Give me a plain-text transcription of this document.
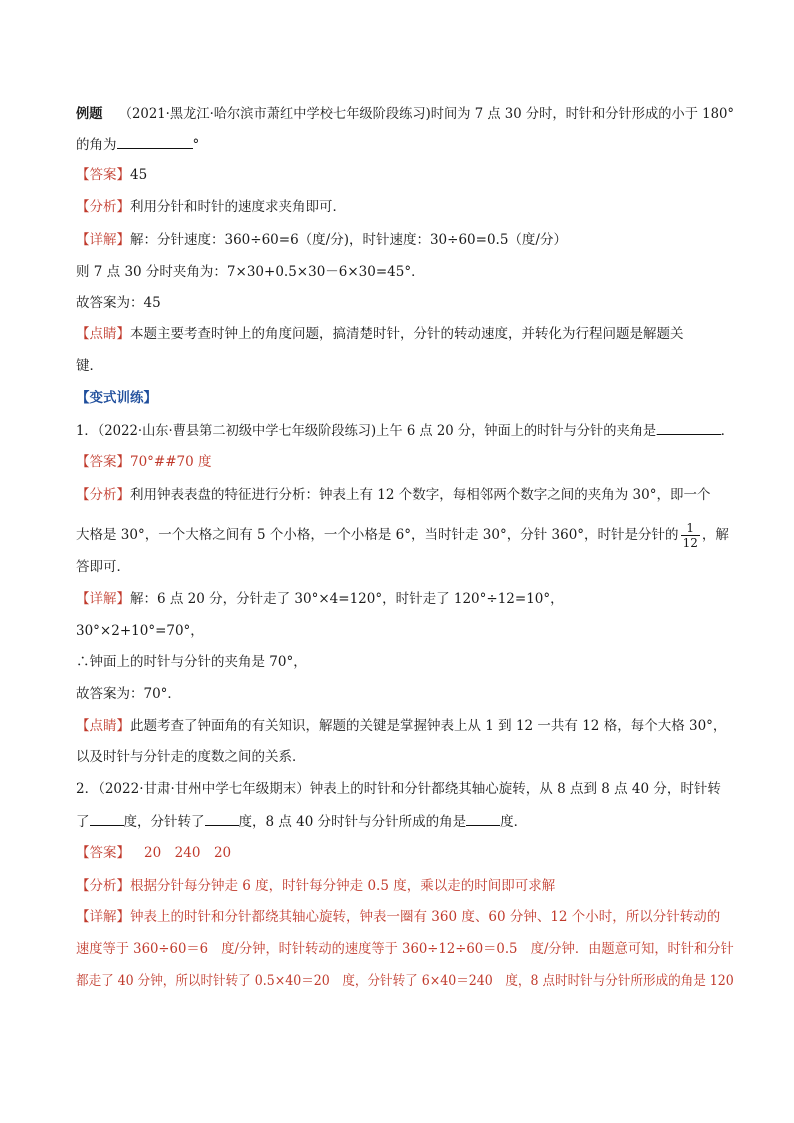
例题 （2021·黑龙江·哈尔滨市萧红中学校七年级阶段练习)时间为 7 点 30 分时，时针和分针形成的小于 180°
的角为	°
【答案】45
【分析】利用分针和时针的速度求夹角即可．
【详解】解：分针速度：360÷60=6（度/分)，时针速度：30÷60=0.5（度/分）
则 7 点 30 分时夹角为：7×30+0.5×30－6×30=45°．
故答案为：45
【点睛】本题主要考查时钟上的角度问题，搞清楚时针，分针的转动速度，并转化为行程问题是解题关
键．
【变式训练】
1．（2022·山东·曹县第二初级中学七年级阶段练习)上午 6 点 20 分，钟面上的时针与分针的夹角是	．
【答案】70°##70 度
【分析】利用钟表表盘的特征进行分析：钟表上有 12 个数字，每相邻两个数字之间的夹角为 30°，即一个
大格是 30°，一个大格之间有 5 个小格，一个小格是 6°，当时针走 30°，分针 360°，时针是分针的 $\frac{1}{12}$ ，解
答即可．
【详解】解：6 点 20 分，分针走了 30°×4=120°，时针走了 120°÷12=10°，
30°×2+10°=70°，
∴钟面上的时针与分针的夹角是 70°，
故答案为：70°．
【点睛】此题考查了钟面角的有关知识，解题的关键是掌握钟表上从 1 到 12 一共有 12 格，每个大格 30°，
以及时针与分针走的度数之间的关系．
2．（2022·甘肃·甘州中学七年级期末）钟表上的时针和分针都绕其轴心旋转，从 8 点到 8 点 40 分，时针转
了	度，分针转了	度，8 点 40 分时针与分针所成的角是	度．
【答案】 20　240　20
【分析】根据分针每分钟走 6 度，时针每分钟走 0.5 度，乘以走的时间即可求解
【详解】钟表上的时针和分针都绕其轴心旋转，钟表一圈有 360 度、60 分钟、12 个小时，所以分针转动的
速度等于 360÷60＝6　度/分钟，时针转动的速度等于 360÷12÷60＝0.5　度/分钟．由题意可知，时针和分针
都走了 40 分钟，所以时针转了 0.5×40＝20　度，分针转了 6×40＝240　度，8 点时时针与分针所形成的角是 120
